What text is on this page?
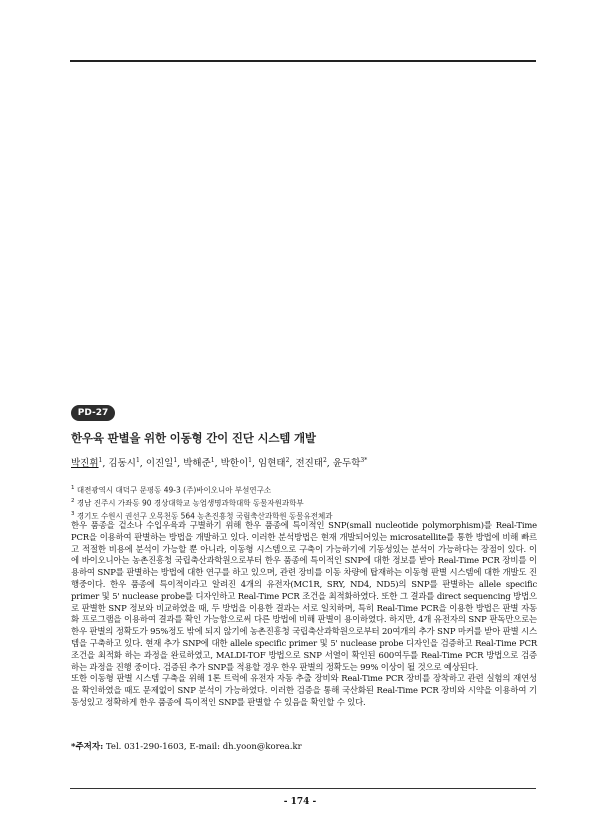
PD-27
한우육 판별을 위한 이동형 간이 진단 시스템 개발
박진휘$^1$, 김동시$^1$, 이진일$^1$, 박해준$^1$, 박한이$^1$, 임현태$^2$, 전진태$^2$, 윤두학$^{3*}$
$^1$ 대전광역시 대덕구 문평동 49-3 (주)바이오니아 부설연구소
$^2$ 경남 진주시 가좌동 90 경상대학교 농업생명과학대학 동물자원과학부
$^3$ 경기도 수원시 권선구 오목천동 564 농촌진흥청 국립축산과학원 동물유전체과

한우 품종을 겉소나 수입우육과 구별하기 위해 한우 품종에 특이적인 SNP(small nucleotide polymorphism)를 Real-Time PCR을 이용하여 판별하는 방법을 개발하고 있다. 이러한 분석방법은 현재 개발되어있는 microsatellite를 통한 방법에 비해 빠르고 적절한 비용에 분석이 가능할 뿐 아니라, 이동형 시스템으로 구축이 가능하기에 기동성있는 분석이 가능하다는 장점이 있다. 이에 바이오니아는 농촌진흥청 국립축산과학원으로부터 한우 품종에 특이적인 SNP에 대한 정보를 받아 Real-Time PCR 장비를 이용하여 SNP를 판별하는 방법에 대한 연구를 하고 있으며, 관련 장비를 이동 차량에 탑재하는 이동형 판별 시스템에 대한 개발도 진행중이다. 한우 품종에 특이적이라고 알려진 4개의 유전자(MC1R, SRY, ND4, ND5)의 SNP를 판별하는 allele specific primer 및 5' nuclease probe를 디자인하고 Real-Time PCR 조건을 최적화하였다. 또한 그 결과를 direct sequencing 방법으로 판별한 SNP 정보와 비교하였을 때, 두 방법을 이용한 결과는 서로 일치하며, 특히 Real-Time PCR을 이용한 방법은 판별 자동화 프로그램을 이용하여 결과를 확인 가능함으로써 다른 방법에 비해 판별이 용이하였다. 하지만, 4개 유전자의 SNP 판독만으로는 한우 판별의 정확도가 95%정도 밖에 되지 않기에 농촌진흥청 국립축산과학원으로부터 20여개의 추가 SNP 마커를 받아 판별 시스템을 구축하고 있다. 현재 추가 SNP에 대한 allele specific primer 및 5' nuclease probe 디자인을 검증하고 Real-Time PCR 조건을 최적화 하는 과정을 완료하였고, MALDI-TOF 방법으로 SNP 서열이 확인된 600여두를 Real-Time PCR 방법으로 검증하는 과정을 진행 중이다. 검증된 추가 SNP를 적용할 경우 한우 판별의 정확도는 99% 이상이 될 것으로 예상된다.

또한 이동형 판별 시스템 구축을 위해 1톤 트럭에 유전자 자동 추출 장비와 Real-Time PCR 장비를 장착하고 관련 실험의 재연성을 확인하였을 때도 문제없이 SNP 분석이 가능하였다. 이러한 검증을 통해 국산화된 Real-Time PCR 장비와 시약을 이용하여 기동성있고 정확하게 한우 품종에 특이적인 SNP를 판별할 수 있음을 확인할 수 있다.

*주저자: Tel. 031-290-1603, E-mail: dh.yoon@korea.kr
- 174 -
